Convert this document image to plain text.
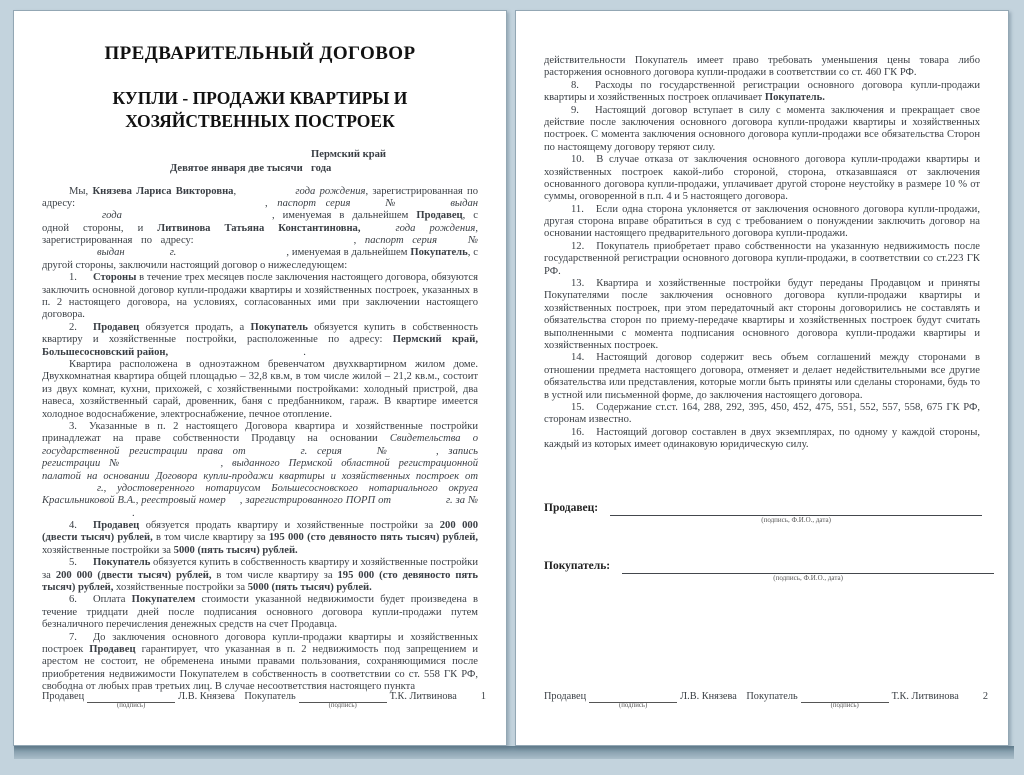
ПРЕДВАРИТЕЛЬНЫЙ ДОГОВОР
КУПЛИ - ПРОДАЖИ КВАРТИРЫ И
ХОЗЯЙСТВЕННЫХ ПОСТРОЕК
Девятое января две тысячи
Пермский край
года

Мы, Князева Лариса Викторовна,	года рождения, зарегистрированная по адресу:	, паспорт серия	№	выдангода	, именуемая в дальнейшем Продавец, с одной стороны, и Литвинова Татьяна Константиновна,	года рождения, зарегистрированная по адресу:	, паспорт серия №выдан	г.	, именуемая в дальнейшем Покупатель, с другой стороны, заключили настоящий договор о нижеследующем:

1. Стороны в течение трех месяцев после заключения настоящего договора, обязуются заключить основной договор купли-продажи квартиры и хозяйственных построек, указанных в п. 2 настоящего договора, на условиях, согласованных ими при заключении настоящего договора.

2. Продавец обязуется продать, а Покупатель обязуется купить в собственность квартиру и хозяйственные постройки, расположенные по адресу: Пермский край, Большесосновский район,	.

Квартира расположена в одноэтажном бревенчатом двухквартирном жилом доме. Двухкомнатная квартира общей площадью – 32,8 кв.м, в том числе жилой – 21,2 кв.м., состоит из двух комнат, кухни, прихожей, с хозяйственными постройками: холодный пристрой, два навеса, хозяйственный сарай, дровенник, баня с предбанником, гараж. В квартире имеется холодное водоснабжение, электроснабжение, печное отопление.

3. Указанные в п. 2 настоящего Договора квартира и хозяйственные постройки принадлежат на праве собственности Продавцу на основании Свидетельства о государственной регистрации права от	г. серия	№	, запись регистрации №	, выданного Пермской областной регистрационной палатой на основании Договора купли-продажи квартиры и хозяйственных построек отг., удостоверенного нотариусом Большесосновского нотариального округа Красильниковой В.А., реестровый номер , зарегистрированного ПОРП от	г. за №.

4. Продавец обязуется продать квартиру и хозяйственные постройки за 200 000 (двести тысяч) рублей, в том числе квартиру за 195 000 (сто девяносто пять тысяч) рублей, хозяйственные постройки за 5000 (пять тысяч) рублей.

5. Покупатель обязуется купить в собственность квартиру и хозяйственные постройки за 200 000 (двести тысяч) рублей, в том числе квартиру за 195 000 (сто девяносто пять тысяч) рублей, хозяйственные постройки за 5000 (пять тысяч) рублей.

6. Оплата Покупателем стоимости указанной недвижимости будет произведена в течение тридцати дней после подписания основного договора купли-продажи путем безналичного перечисления денежных средств на счет Продавца.

7. До заключения основного договора купли-продажи квартиры и хозяйственных построек Продавец гарантирует, что указанная в п. 2 недвижимость под запрещением и арестом не состоит, не обременена иными правами пользования, сохраняющимися после приобретения недвижимости Покупателем в собственность в соответствии со ст. 558 ГК РФ, свободна от любых прав третьих лиц. В случае несоответствия настоящего пункта

Продавец
(подпись)
Л.В. Князева Покупатель
(подпись)
Т.К. Литвинова 1

действительности Покупатель имеет право требовать уменьшения цены товара либо расторжения основного договора купли-продажи в соответствии со ст. 460 ГК РФ.

8. Расходы по государственной регистрации основного договора купли-продажи квартиры и хозяйственных построек оплачивает Покупатель.

9. Настоящий договор вступает в силу с момента заключения и прекращает свое действие после заключения основного договора купли-продажи квартиры и хозяйственных построек. С момента заключения основного договора купли-продажи все обязательства Сторон по настоящему договору теряют силу.

10. В случае отказа от заключения основного договора купли-продажи квартиры и хозяйственных построек какой-либо стороной, сторона, отказавшаяся от заключения основанного договора купли-продажи, уплачивает другой стороне неустойку в размере 10 % от суммы, оговоренной в п.п. 4 и 5 настоящего договора.

11. Если одна сторона уклоняется от заключения основного договора купли-продажи, другая сторона вправе обратиться в суд с требованием о понуждении заключить договор на основании настоящего предварительного договора купли-продажи.

12. Покупатель приобретает право собственности на указанную недвижимость после государственной регистрации основного договора купли-продажи, в соответствии со ст.223 ГК РФ.

13. Квартира и хозяйственные постройки будут переданы Продавцом и приняты Покупателями после заключения основного договора купли-продажи квартиры и хозяйственных построек, при этом передаточный акт стороны договорились не составлять и обязательства сторон по приему-передаче квартиры и хозяйственных построек будут считать выполненными с момента подписания основного договора купли-продажи квартиры и хозяйственных построек.

14. Настоящий договор содержит весь объем соглашений между сторонами в отношении предмета настоящего договора, отменяет и делает недействительными все другие обязательства или представления, которые могли быть приняты или сделаны сторонами, будь то в устной или письменной форме, до заключения настоящего договора.

15. Содержание ст.ст. 164, 288, 292, 395, 450, 452, 475, 551, 552, 557, 558, 675 ГК РФ, сторонам известно.

16. Настоящий договор составлен в двух экземплярах, по одному у каждой стороны, каждый из которых имеет одинаковую юридическую силу.

Продавец:
(подпись, Ф.И.О., дата)
Покупатель:
(подпись, Ф.И.О., дата)
Продавец
(подпись)
Л.В. Князева Покупатель
(подпись)
Т.К. Литвинова 2
